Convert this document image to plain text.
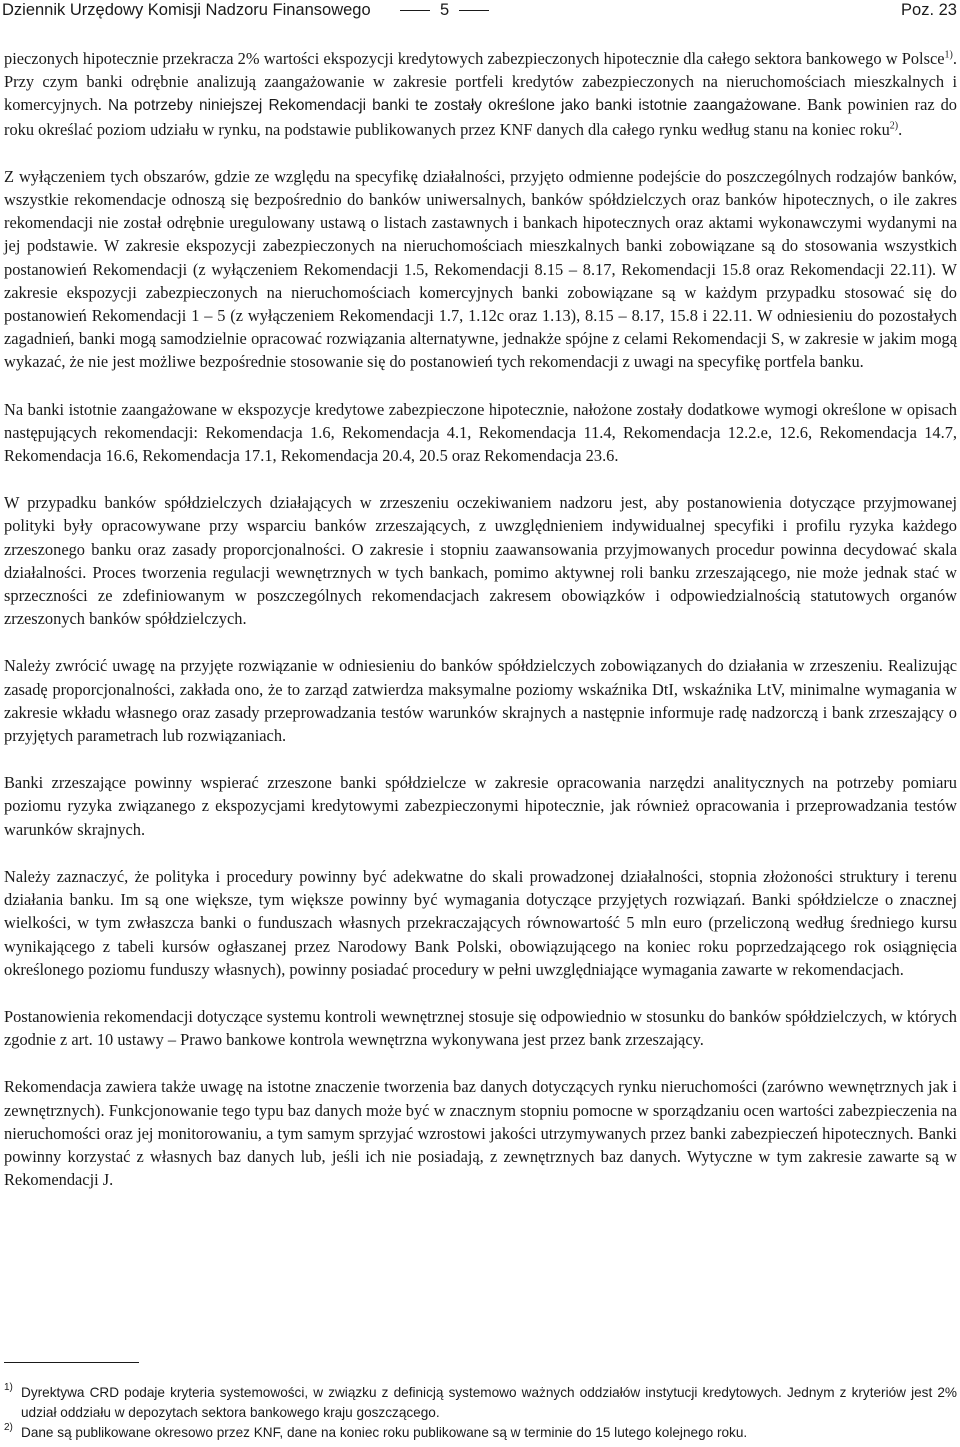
Dziennik Urzędowy Komisji Nadzoru Finansowego	5	Poz. 23

pieczonych hipotecznie przekracza 2% wartości ekspozycji kredytowych zabezpieczonych hipotecznie dla całego sektora bankowego w Polsce$^{1)}$. Przy czym banki odrębnie analizują zaangażowanie w zakresie portfeli kredytów zabezpieczonych na nieruchomościach mieszkalnych i komercyjnych. Na potrzeby niniejszej Rekomendacji banki te zostały określone jako banki istotnie zaangażowane. Bank powinien raz do roku określać poziom udziału w rynku, na podstawie publikowanych przez KNF danych dla całego rynku według stanu na koniec roku$^{2)}$.

Z wyłączeniem tych obszarów, gdzie ze względu na specyfikę działalności, przyjęto odmienne podejście do poszczególnych rodzajów banków, wszystkie rekomendacje odnoszą się bezpośrednio do banków uniwersalnych, banków spółdzielczych oraz banków hipotecznych, o ile zakres rekomendacji nie został odrębnie uregulowany ustawą o listach zastawnych i bankach hipotecznych oraz aktami wykonawczymi wydanymi na jej podstawie. W zakresie ekspozycji zabezpieczonych na nieruchomościach mieszkalnych banki zobowiązane są do stosowania wszystkich postanowień Rekomendacji (z wyłączeniem Rekomendacji 1.5, Rekomendacji 8.15 – 8.17, Rekomendacji 15.8 oraz Rekomendacji 22.11). W zakresie ekspozycji zabezpieczonych na nieruchomościach komercyjnych banki zobowiązane są w każdym przypadku stosować się do postanowień Rekomendacji 1 – 5 (z wyłączeniem Rekomendacji 1.7, 1.12c oraz 1.13), 8.15 – 8.17, 15.8 i 22.11. W odniesieniu do pozostałych zagadnień, banki mogą samodzielnie opracować rozwiązania alternatywne, jednakże spójne z celami Rekomendacji S, w zakresie w jakim mogą wykazać, że nie jest możliwe bezpośrednie stosowanie się do postanowień tych rekomendacji z uwagi na specyfikę portfela banku.

Na banki istotnie zaangażowane w ekspozycje kredytowe zabezpieczone hipotecznie, nałożone zostały dodatkowe wymogi określone w opisach następujących rekomendacji: Rekomendacja 1.6, Rekomendacja 4.1, Rekomendacja 11.4, Rekomendacja 12.2.e, 12.6, Rekomendacja 14.7, Rekomendacja 16.6, Rekomendacja 17.1, Rekomendacja 20.4, 20.5 oraz Rekomendacja 23.6.

W przypadku banków spółdzielczych działających w zrzeszeniu oczekiwaniem nadzoru jest, aby postanowienia dotyczące przyjmowanej polityki były opracowywane przy wsparciu banków zrzeszających, z uwzględnieniem indywidualnej specyfiki i profilu ryzyka każdego zrzeszonego banku oraz zasady proporcjonalności. O zakresie i stopniu zaawansowania przyjmowanych procedur powinna decydować skala działalności. Proces tworzenia regulacji wewnętrznych w tych bankach, pomimo aktywnej roli banku zrzeszającego, nie może jednak stać w sprzeczności ze zdefiniowanym w poszczególnych rekomendacjach zakresem obowiązków i odpowiedzialnością statutowych organów zrzeszonych banków spółdzielczych.

Należy zwrócić uwagę na przyjęte rozwiązanie w odniesieniu do banków spółdzielczych zobowiązanych do działania w zrzeszeniu. Realizując zasadę proporcjonalności, zakłada ono, że to zarząd zatwierdza maksymalne poziomy wskaźnika DtI, wskaźnika LtV, minimalne wymagania w zakresie wkładu własnego oraz zasady przeprowadzania testów warunków skrajnych a następnie informuje radę nadzorczą i bank zrzeszający o przyjętych parametrach lub rozwiązaniach.

Banki zrzeszające powinny wspierać zrzeszone banki spółdzielcze w zakresie opracowania narzędzi analitycznych na potrzeby pomiaru poziomu ryzyka związanego z ekspozycjami kredytowymi zabezpieczonymi hipotecznie, jak również opracowania i przeprowadzania testów warunków skrajnych.

Należy zaznaczyć, że polityka i procedury powinny być adekwatne do skali prowadzonej działalności, stopnia złożoności struktury i terenu działania banku. Im są one większe, tym większe powinny być wymagania dotyczące przyjętych rozwiązań. Banki spółdzielcze o znacznej wielkości, w tym zwłaszcza banki o funduszach własnych przekraczających równowartość 5 mln euro (przeliczoną według średniego kursu wynikającego z tabeli kursów ogłaszanej przez Narodowy Bank Polski, obowiązującego na koniec roku poprzedzającego rok osiągnięcia określonego poziomu funduszy własnych), powinny posiadać procedury w pełni uwzględniające wymagania zawarte w rekomendacjach.

Postanowienia rekomendacji dotyczące systemu kontroli wewnętrznej stosuje się odpowiednio w stosunku do banków spółdzielczych, w których zgodnie z art. 10 ustawy – Prawo bankowe kontrola wewnętrzna wykonywana jest przez bank zrzeszający.

Rekomendacja zawiera także uwagę na istotne znaczenie tworzenia baz danych dotyczących rynku nieruchomości (zarówno wewnętrznych jak i zewnętrznych). Funkcjonowanie tego typu baz danych może być w znacznym stopniu pomocne w sporządzaniu ocen wartości zabezpieczenia na nieruchomości oraz jej monitorowaniu, a tym samym sprzyjać wzrostowi jakości utrzymywanych przez banki zabezpieczeń hipotecznych. Banki powinny korzystać z własnych baz danych lub, jeśli ich nie posiadają, z zewnętrznych baz danych. Wytyczne w tym zakresie zawarte są w Rekomendacji J.

1) Dyrektywa CRD podaje kryteria systemowości, w związku z definicją systemowo ważnych oddziałów instytucji kredytowych. Jednym z kryteriów jest 2% udział oddziału w depozytach sektora bankowego kraju goszczącego.
2) Dane są publikowane okresowo przez KNF, dane na koniec roku publikowane są w terminie do 15 lutego kolejnego roku.
